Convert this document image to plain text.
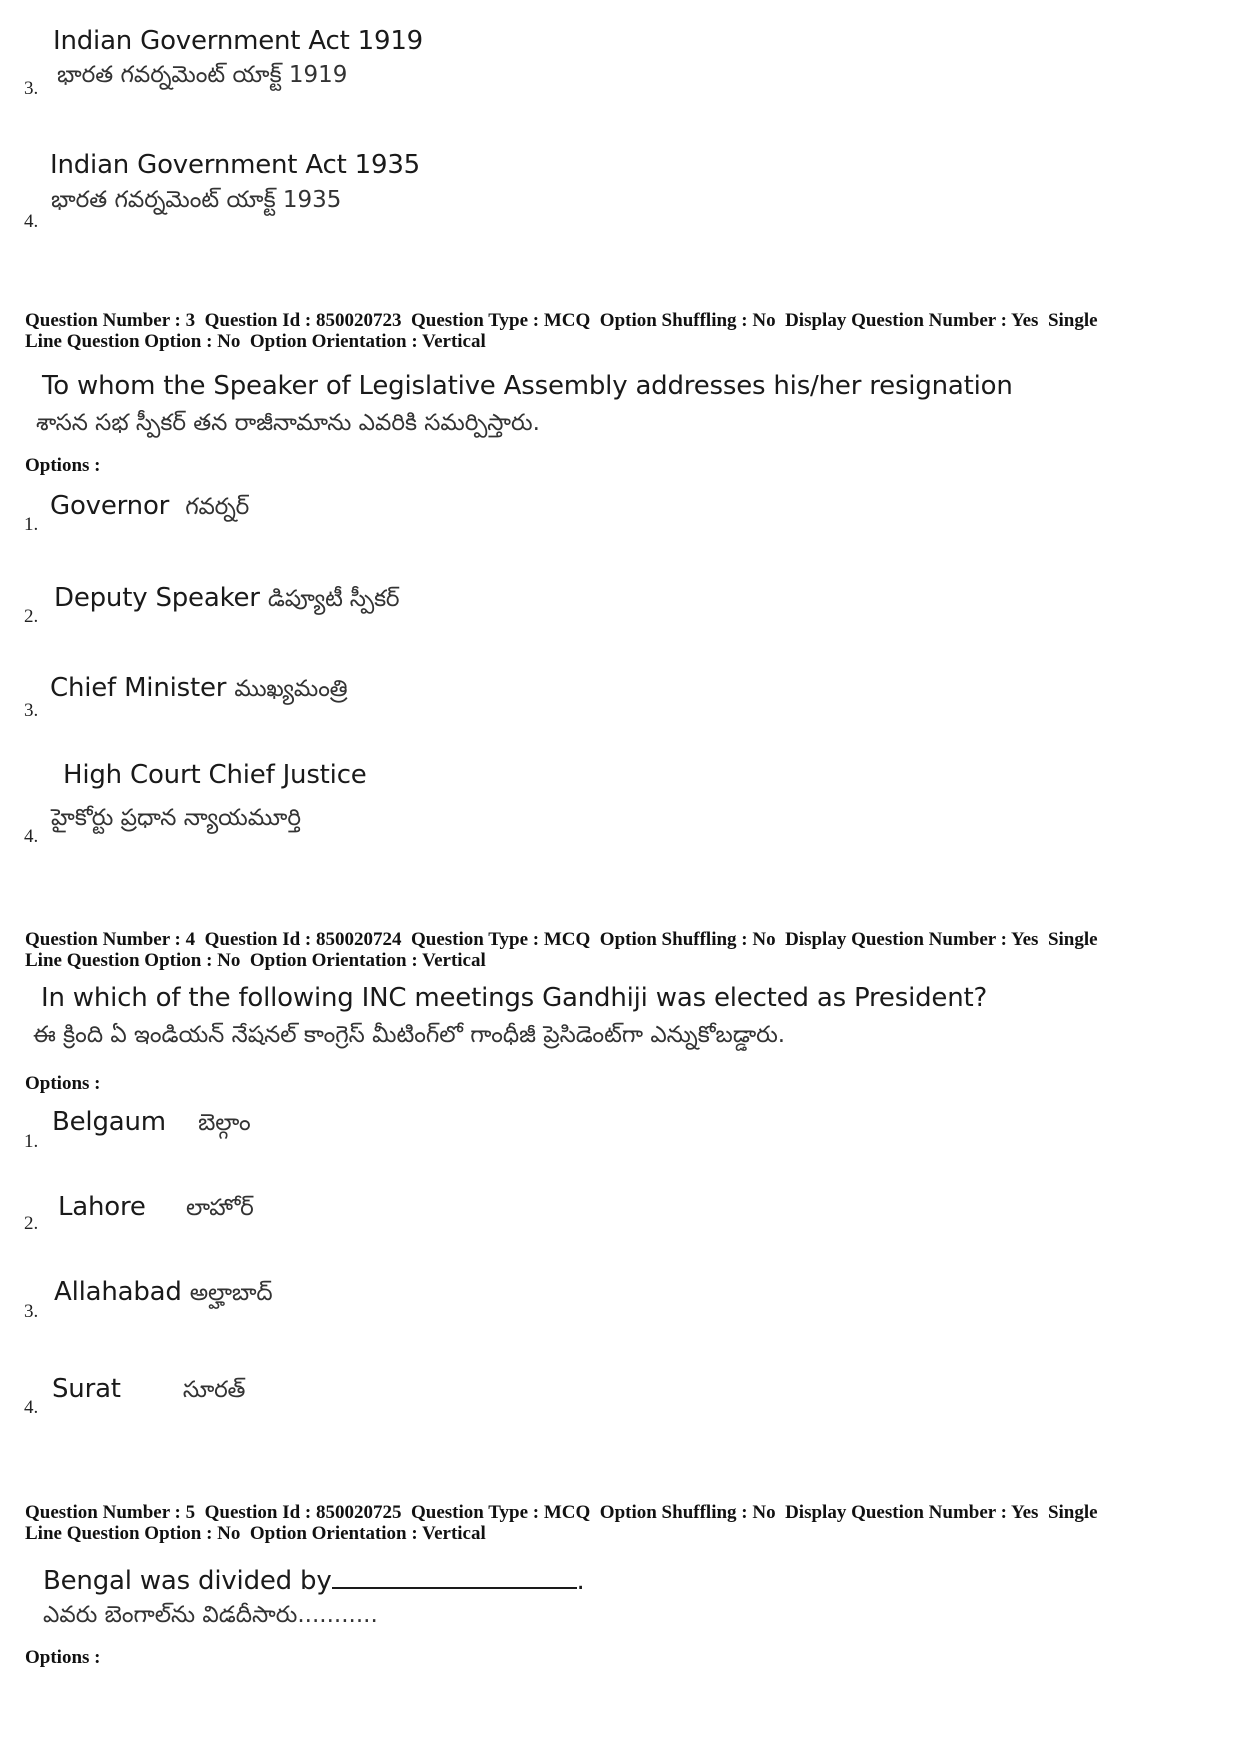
Indian Government Act 1919
భారత గవర్నమెంట్ యాక్ట్ 1919
3.
Indian Government Act 1935
భారత గవర్నమెంట్ యాక్ట్ 1935
4.
Question Number : 3  Question Id : 850020723  Question Type : MCQ  Option Shuffling : No  Display Question Number : Yes  Single
Line Question Option : No  Option Orientation : Vertical
To whom the Speaker of Legislative Assembly addresses his/her resignation
శాసన సభ స్పీకర్ తన రాజీనామాను ఎవరికి సమర్పిస్తారు.
Options :
1.
Governor గవర్నర్
2.
Deputy Speaker డిప్యూటీ స్పీకర్
3.
Chief Minister ముఖ్యమంత్రి
High Court Chief Justice
హైకోర్టు ప్రధాన న్యాయమూర్తి
4.
Question Number : 4  Question Id : 850020724  Question Type : MCQ  Option Shuffling : No  Display Question Number : Yes  Single
Line Question Option : No  Option Orientation : Vertical
In which of the following INC meetings Gandhiji was elected as President?
ఈ క్రింది ఏ ఇండియన్ నేషనల్ కాంగ్రెస్ మీటింగ్‌లో గాంధీజీ ప్రెసిడెంట్‌గా ఎన్నుకోబడ్డారు.
Options :
1.
Belgaum బెల్గాం
2.
Lahore లాహోర్
3.
Allahabad అల్హాబాద్
4.
Surat	సూరత్
Question Number : 5  Question Id : 850020725  Question Type : MCQ  Option Shuffling : No  Display Question Number : Yes  Single
Line Question Option : No  Option Orientation : Vertical
Bengal was divided by	.
ఎవరు బెంగాల్‌ను విడదీసారు...........
Options :
